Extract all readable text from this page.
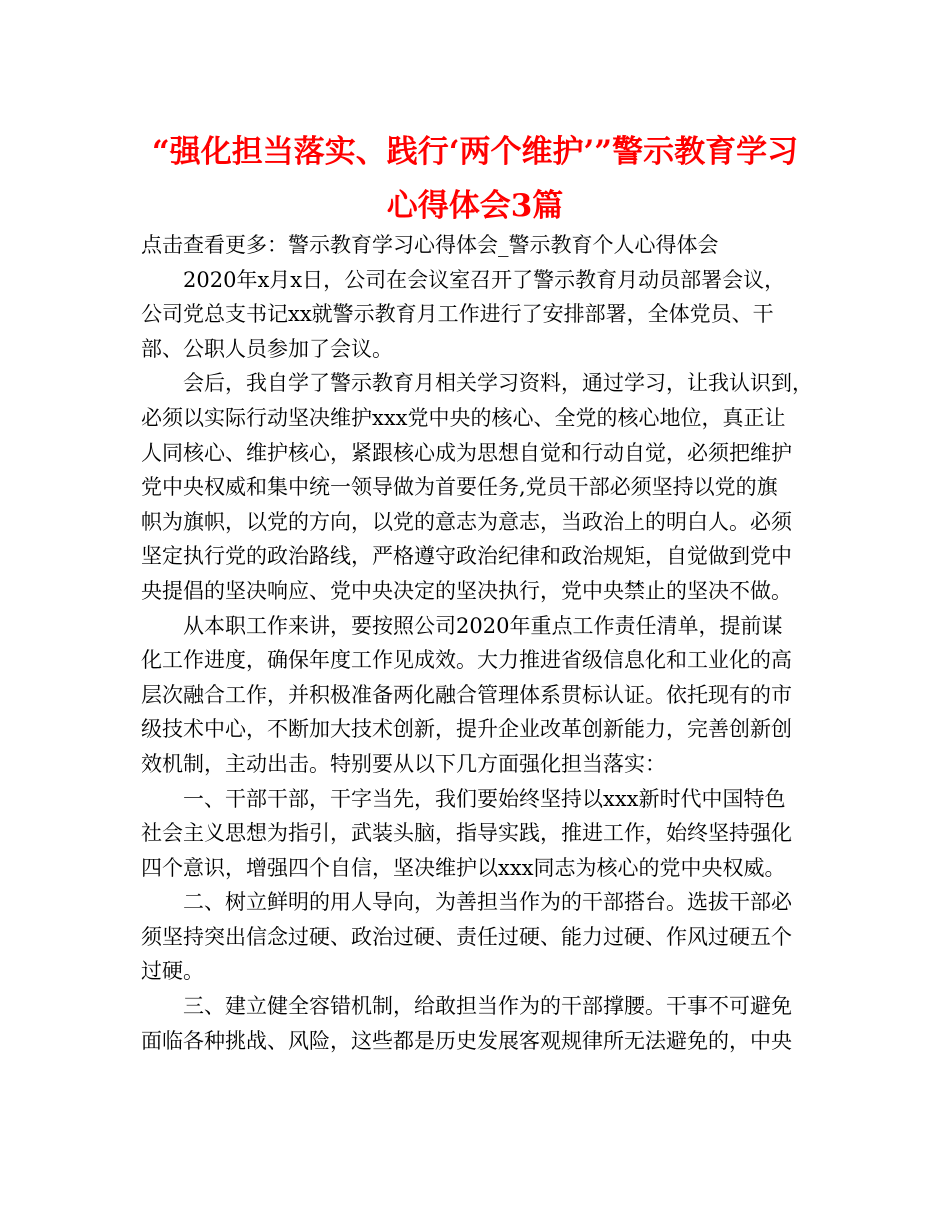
“强化担当落实、践行‘两个维护’”警示教育学习
心得体会3篇
点击查看更多：警示教育学习心得体会_警示教育个人心得体会
2020年x月x日，公司在会议室召开了警示教育月动员部署会议，
公司党总支书记xx就警示教育月工作进行了安排部署，全体党员、干
部、公职人员参加了会议。
会后，我自学了警示教育月相关学习资料，通过学习，让我认识到，
必须以实际行动坚决维护xxx党中央的核心、全党的核心地位，真正让
人同核心、维护核心，紧跟核心成为思想自觉和行动自觉，必须把维护
党中央权威和集中统一领导做为首要任务,党员干部必须坚持以党的旗
帜为旗帜，以党的方向，以党的意志为意志，当政治上的明白人。必须
坚定执行党的政治路线，严格遵守政治纪律和政治规矩，自觉做到党中
央提倡的坚决响应、党中央决定的坚决执行，党中央禁止的坚决不做。
从本职工作来讲，要按照公司2020年重点工作责任清单，提前谋
化工作进度，确保年度工作见成效。大力推进省级信息化和工业化的高
层次融合工作，并积极准备两化融合管理体系贯标认证。依托现有的市
级技术中心，不断加大技术创新，提升企业改革创新能力，完善创新创
效机制，主动出击。特别要从以下几方面强化担当落实：
一、干部干部，干字当先，我们要始终坚持以xxx新时代中国特色
社会主义思想为指引，武装头脑，指导实践，推进工作，始终坚持强化
四个意识，增强四个自信，坚决维护以xxx同志为核心的党中央权威。
二、树立鲜明的用人导向，为善担当作为的干部搭台。选拔干部必
须坚持突出信念过硬、政治过硬、责任过硬、能力过硬、作风过硬五个
过硬。
三、建立健全容错机制，给敢担当作为的干部撑腰。干事不可避免
面临各种挑战、风险，这些都是历史发展客观规律所无法避免的，中央
